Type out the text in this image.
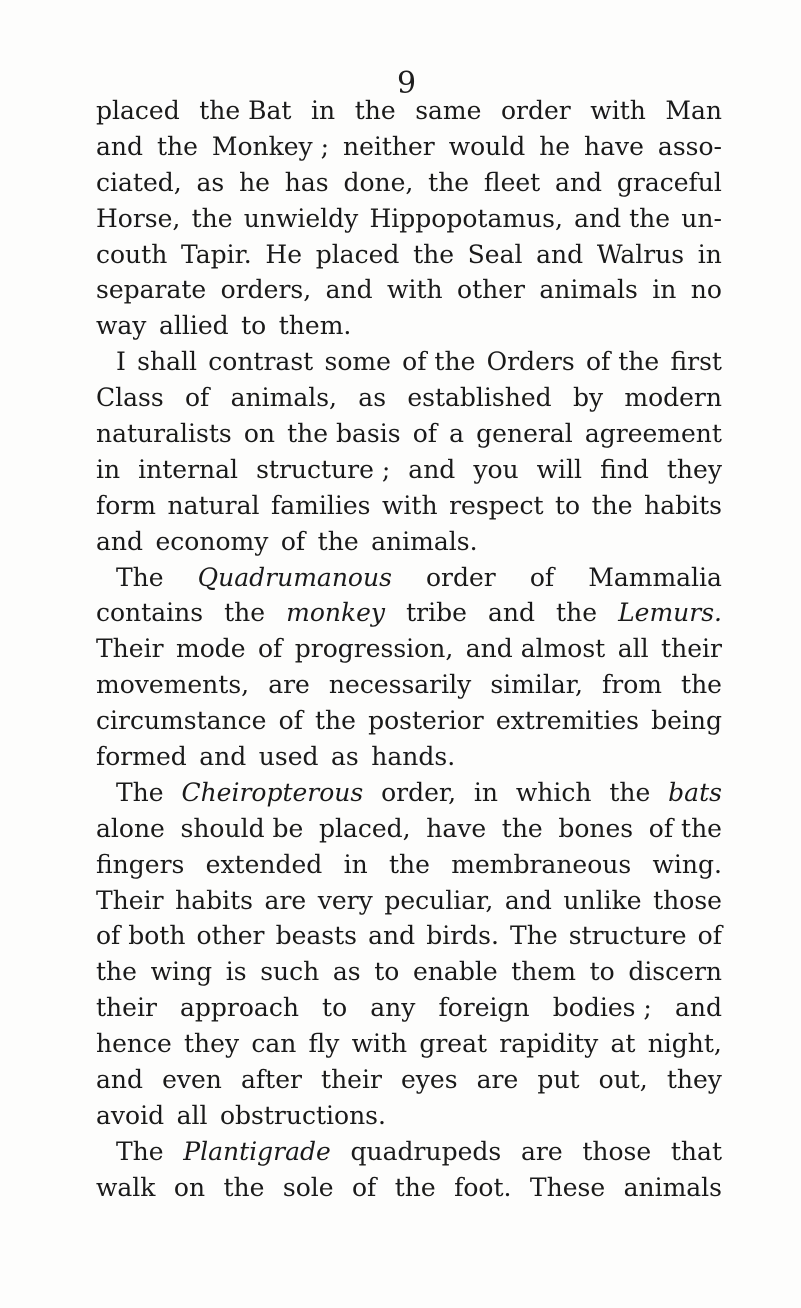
9
placed the Bat in the same order with Man
and the Monkey ; neither would he have asso-
ciated, as he has done, the fleet and graceful
Horse, the unwieldy Hippopotamus, and the un-
couth Tapir. He placed the Seal and Walrus in
separate orders, and with other animals in no
way allied to them.
I shall contrast some of the Orders of the first
Class of animals, as established by modern
naturalists on the basis of a general agreement
in internal structure ; and you will find they
form natural families with respect to the habits
and economy of the animals.
The Quadrumanous order of Mammalia
contains the monkey tribe and the Lemurs.
Their mode of progression, and almost all their
movements, are necessarily similar, from the
circumstance of the posterior extremities being
formed and used as hands.
The Cheiropterous order, in which the bats
alone should be placed, have the bones of the
fingers extended in the membraneous wing.
Their habits are very peculiar, and unlike those
of both other beasts and birds. The structure of
the wing is such as to enable them to discern
their approach to any foreign bodies ; and
hence they can fly with great rapidity at night,
and even after their eyes are put out, they
avoid all obstructions.
The Plantigrade quadrupeds are those that
walk on the sole of the foot. These animals
